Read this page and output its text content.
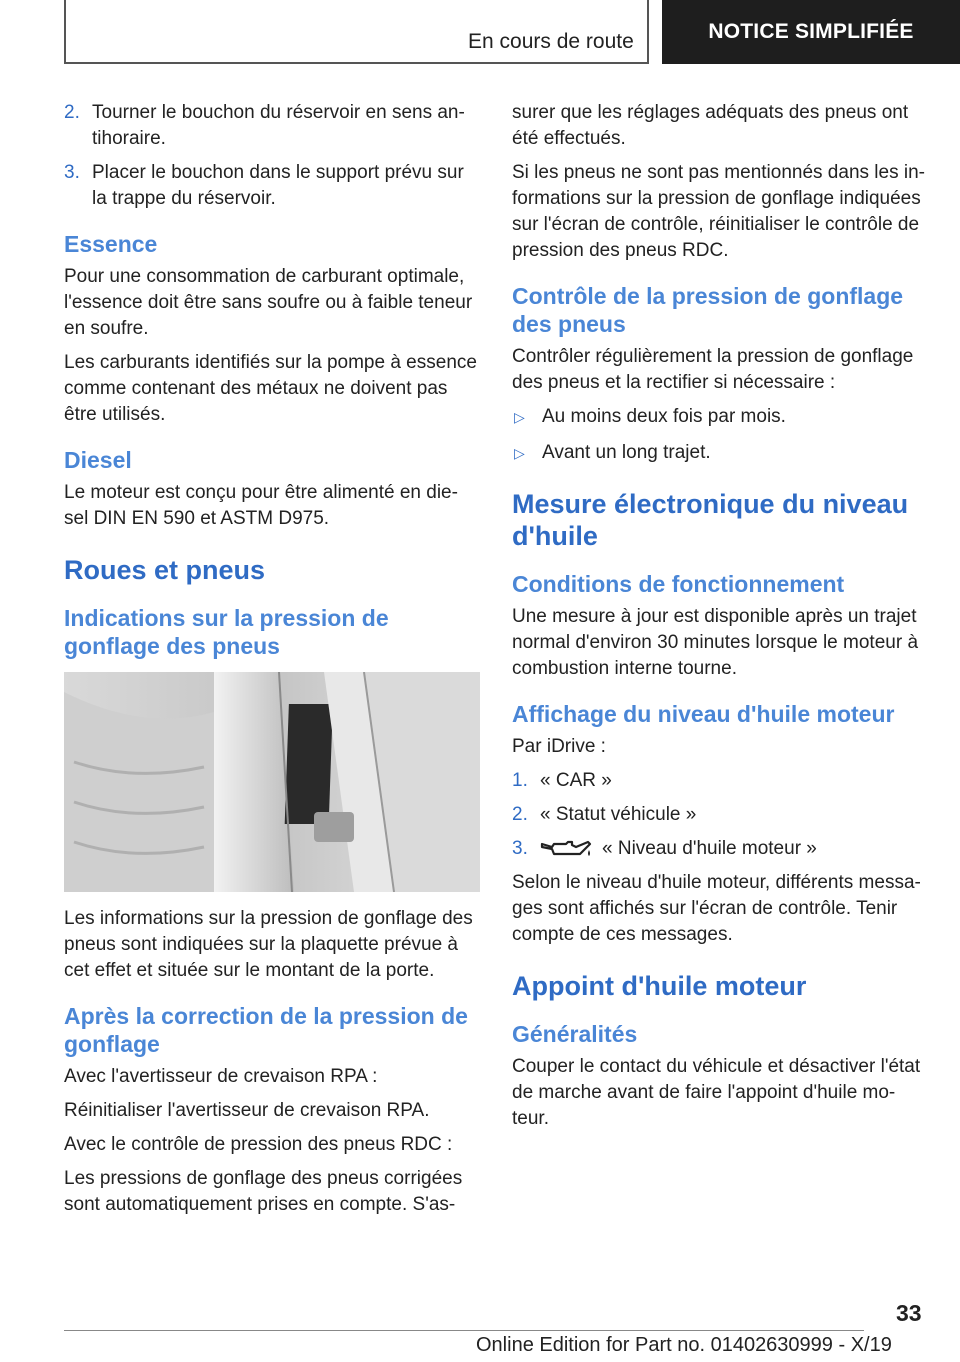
En cours de route	NOTICE SIMPLIFIÉE
2. Tourner le bouchon du réservoir en sens an-tihoraire.
3. Placer le bouchon dans le support prévu sur la trappe du réservoir.
Essence

Pour une consommation de carburant optimale, l'essence doit être sans soufre ou à faible teneur en soufre.

Les carburants identifiés sur la pompe à essence comme contenant des métaux ne doivent pas être utilisés.

Diesel

Le moteur est conçu pour être alimenté en die-sel DIN EN 590 et ASTM D975.

Roues et pneus
Indications sur la pression de gonflage des pneus

Les informations sur la pression de gonflage des pneus sont indiquées sur la plaquette prévue à cet effet et située sur le montant de la porte.

Après la correction de la pression de gonflage

Avec l'avertisseur de crevaison RPA :

Réinitialiser l'avertisseur de crevaison RPA.

Avec le contrôle de pression des pneus RDC :

Les pressions de gonflage des pneus corrigées sont automatiquement prises en compte. S'as-

surer que les réglages adéquats des pneus ont été effectués.

Si les pneus ne sont pas mentionnés dans les in-formations sur la pression de gonflage indiquées sur l'écran de contrôle, réinitialiser le contrôle de pression des pneus RDC.

Contrôle de la pression de gonflage des pneus

Contrôler régulièrement la pression de gonflage des pneus et la rectifier si nécessaire :

▷ Au moins deux fois par mois.
▷ Avant un long trajet.
Mesure électronique du niveau d'huile
Conditions de fonctionnement

Une mesure à jour est disponible après un trajet normal d'environ 30 minutes lorsque le moteur à combustion interne tourne.

Affichage du niveau d'huile moteur

Par iDrive :

1. « CAR »
2. « Statut véhicule »
3.	« Niveau d'huile moteur »

Selon le niveau d'huile moteur, différents messa-ges sont affichés sur l'écran de contrôle. Tenir compte de ces messages.

Appoint d'huile moteur
Généralités

Couper le contact du véhicule et désactiver l'état de marche avant de faire l'appoint d'huile mo-teur.

33
Online Edition for Part no. 01402630999 - X/19
